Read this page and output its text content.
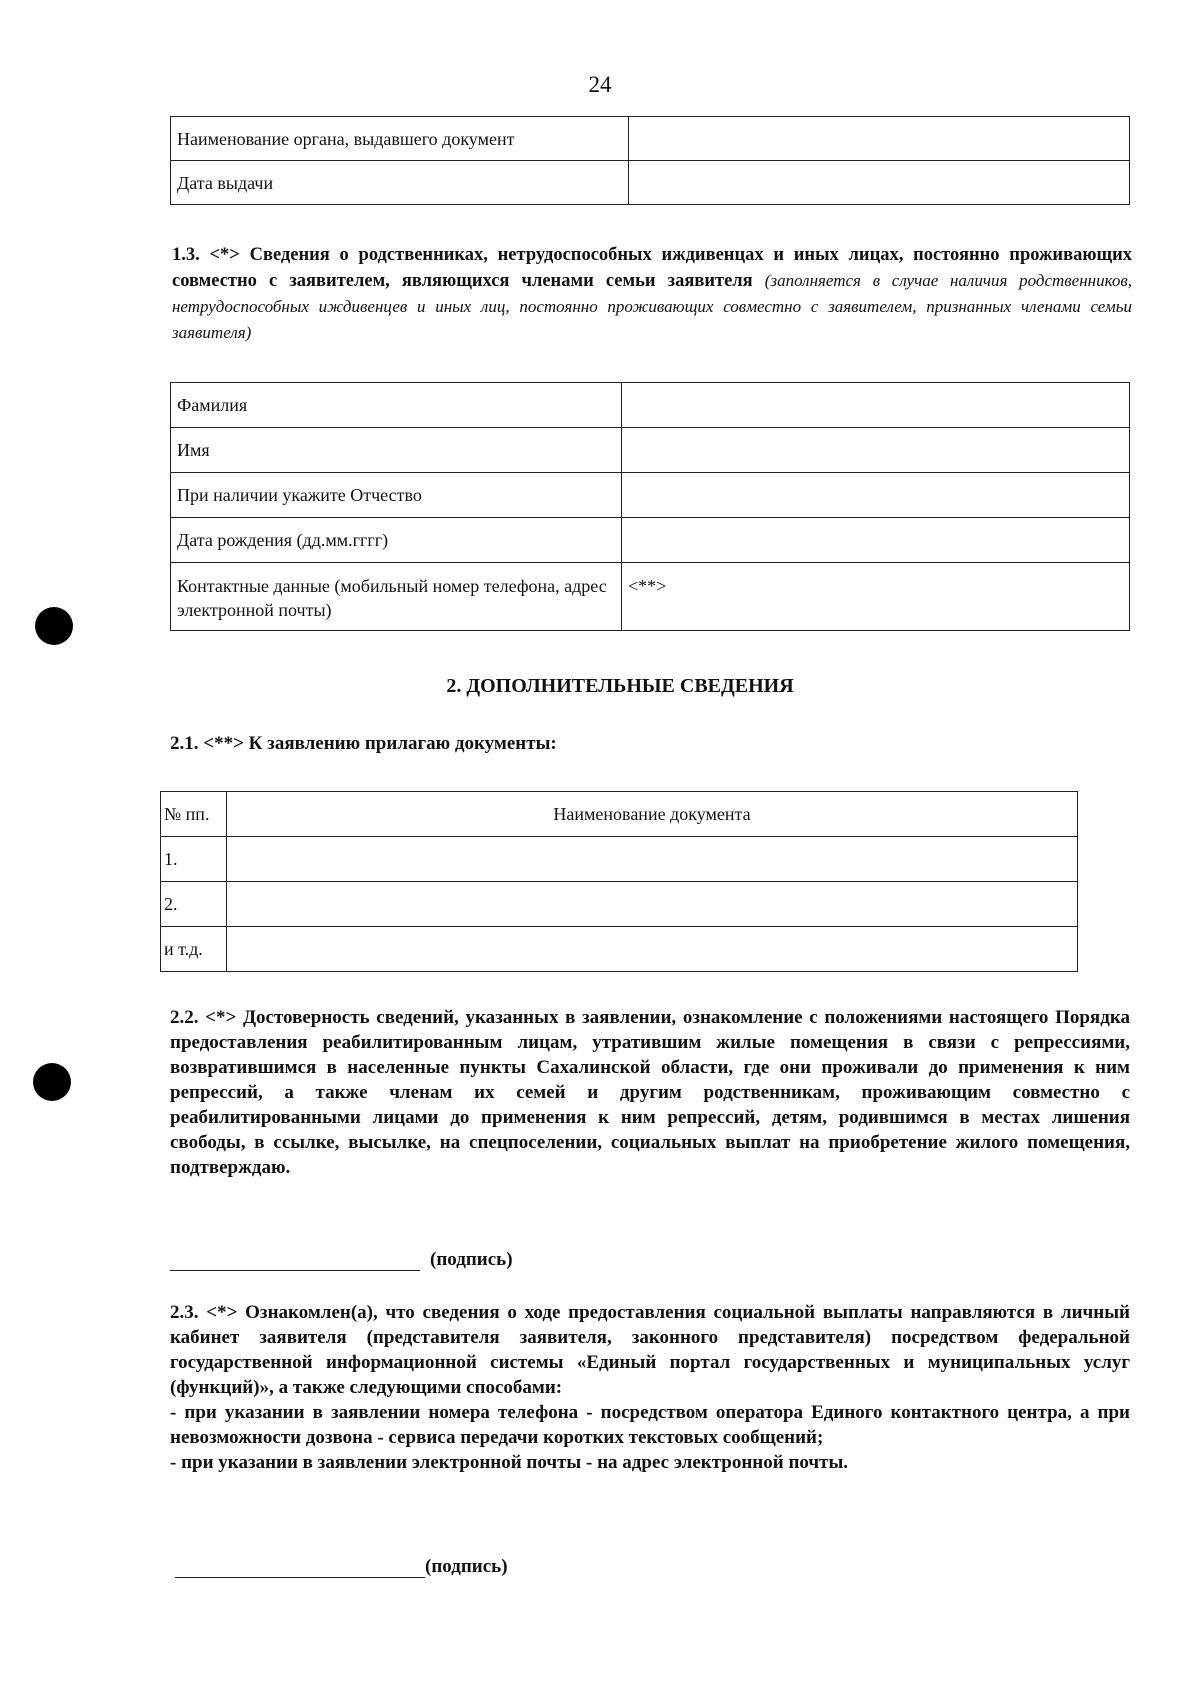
24
Наименование органа, выдавшего документ	
Дата выдачи	
1.3. <*> Сведения о родственниках, нетрудоспособных иждивенцах и иных лицах, постоянно проживающих совместно с заявителем, являющихся членами семьи заявителя (заполняется в случае наличия родственников, нетрудоспособных иждивенцев и иных лиц, постоянно проживающих совместно с заявителем, признанных членами семьи заявителя)
Фамилия	
Имя	
При наличии укажите Отчество	
Дата рождения (дд.мм.гггг)	
Контактные данные (мобильный номер телефона, адрес электронной почты)	<**>
2. ДОПОЛНИТЕЛЬНЫЕ СВЕДЕНИЯ
2.1. <**> К заявлению прилагаю документы:
№ пп.	Наименование документа
1.	
2.	
и т.д.	
2.2. <*> Достоверность сведений, указанных в заявлении, ознакомление с положениями настоящего Порядка предоставления реабилитированным лицам, утратившим жилые помещения в связи с репрессиями, возвратившимся в населенные пункты Сахалинской области, где они проживали до применения к ним репрессий, а также членам их семей и другим родственникам, проживающим совместно с реабилитированными лицами до применения к ним репрессий, детям, родившимся в местах лишения свободы, в ссылке, высылке, на спецпоселении, социальных выплат на приобретение жилого помещения, подтверждаю.
(подпись)
2.3. <*> Ознакомлен(а), что сведения о ходе предоставления социальной выплаты направляются в личный кабинет заявителя (представителя заявителя, законного представителя) посредством федеральной государственной информационной системы «Единый портал государственных и муниципальных услуг (функций)», а также следующими способами:
- при указании в заявлении номера телефона - посредством оператора Единого контактного центра, а при невозможности дозвона - сервиса передачи коротких текстовых сообщений;
- при указании в заявлении электронной почты - на адрес электронной почты.
(подпись)
